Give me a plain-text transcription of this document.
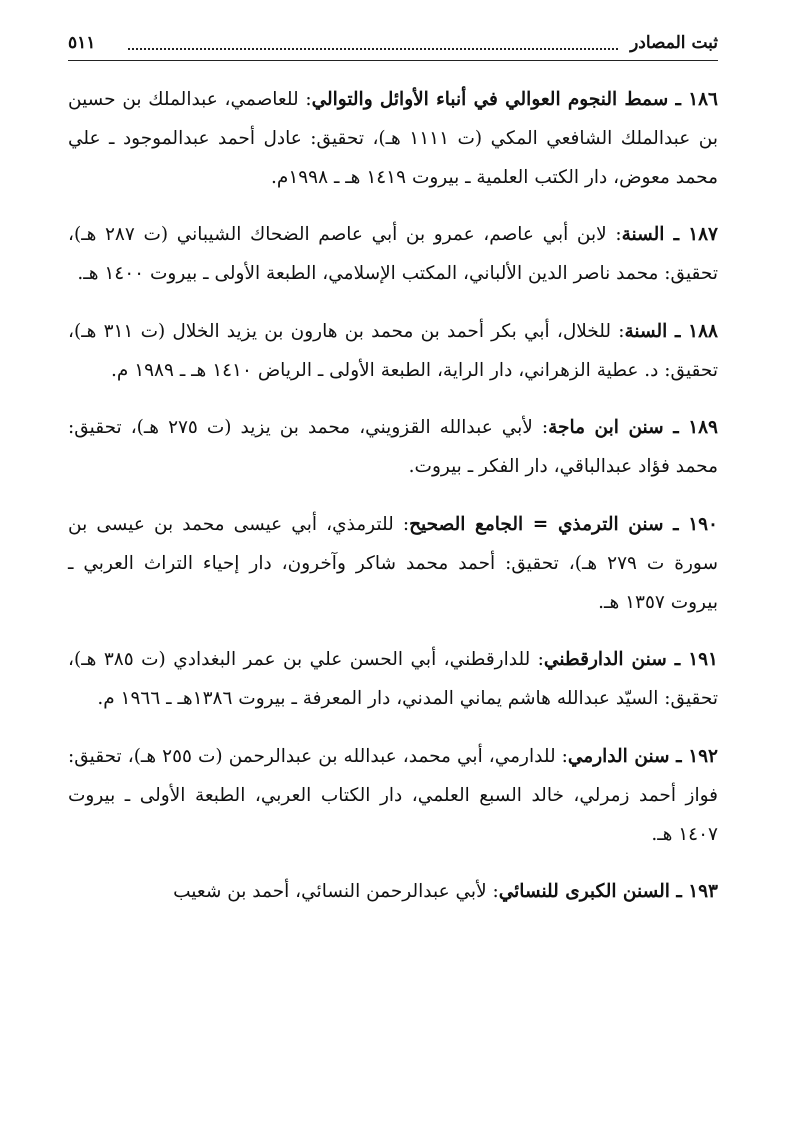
ثبت المصادر
٥١١

١٨٦ ـ سمط النجوم العوالي في أنباء الأوائل والتوالي: للعاصمي، عبدالملك بن حسين بن عبدالملك الشافعي المكي (ت ١١١١ هـ)، تحقيق: عادل أحمد عبدالموجود ـ علي محمد معوض، دار الكتب العلمية ـ بيروت ١٤١٩ هـ ـ ١٩٩٨م.

١٨٧ ـ السنة: لابن أبي عاصم، عمرو بن أبي عاصم الضحاك الشيباني (ت ٢٨٧ هـ)، تحقيق: محمد ناصر الدين الألباني، المكتب الإسلامي، الطبعة الأولى ـ بيروت ١٤٠٠ هـ.

١٨٨ ـ السنة: للخلال، أبي بكر أحمد بن محمد بن هارون بن يزيد الخلال (ت ٣١١ هـ)، تحقيق: د. عطية الزهراني، دار الراية، الطبعة الأولى ـ الرياض ١٤١٠ هـ ـ ١٩٨٩ م.

١٨٩ ـ سنن ابن ماجة: لأبي عبدالله القزويني، محمد بن يزيد (ت ٢٧٥ هـ)، تحقيق: محمد فؤاد عبدالباقي، دار الفكر ـ بيروت.

١٩٠ ـ سنن الترمذي = الجامع الصحيح: للترمذي، أبي عيسى محمد بن عيسى بن سورة ت ٢٧٩ هـ)، تحقيق: أحمد محمد شاكر وآخرون، دار إحياء التراث العربي ـ بيروت ١٣٥٧ هـ.

١٩١ ـ سنن الدارقطني: للدارقطني، أبي الحسن علي بن عمر البغدادي (ت ٣٨٥ هـ)، تحقيق: السيّد عبدالله هاشم يماني المدني، دار المعرفة ـ بيروت ١٣٨٦هـ ـ ١٩٦٦ م.

١٩٢ ـ سنن الدارمي: للدارمي، أبي محمد، عبدالله بن عبدالرحمن (ت ٢٥٥ هـ)، تحقيق: فواز أحمد زمرلي، خالد السبع العلمي، دار الكتاب العربي، الطبعة الأولى ـ بيروت ١٤٠٧ هـ.

١٩٣ ـ السنن الكبرى للنسائي: لأبي عبدالرحمن النسائي، أحمد بن شعيب
